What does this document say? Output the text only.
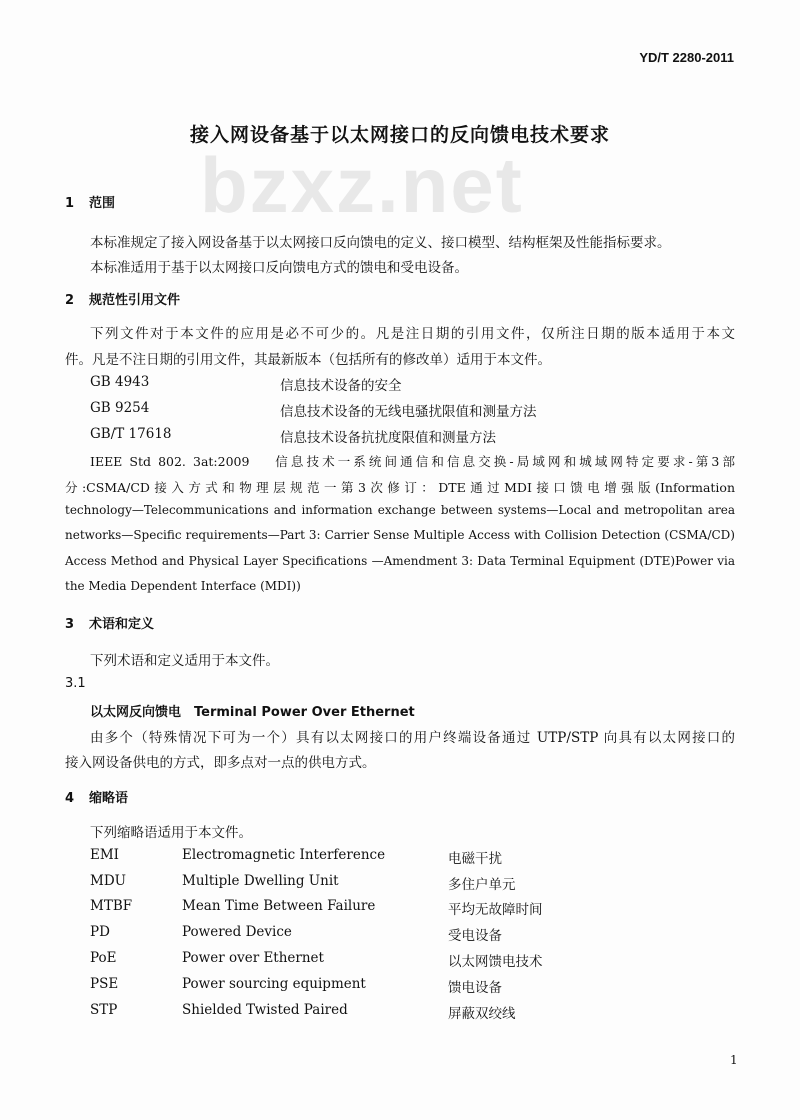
YD/T 2280-2011
bzxz.net
接入网设备基于以太网接口的反向馈电技术要求
1 范围
本标准规定了接入网设备基于以太网接口反向馈电的定义、接口模型、结构框架及性能指标要求。
本标准适用于基于以太网接口反向馈电方式的馈电和受电设备。
2 规范性引用文件
下列文件对于本文件的应用是必不可少的。凡是注日期的引用文件，仅所注日期的版本适用于本文
件。凡是不注日期的引用文件，其最新版本（包括所有的修改单）适用于本文件。
GB 4943	信息技术设备的安全
GB 9254	信息技术设备的无线电骚扰限值和测量方法
GB/T 17618	信息技术设备抗扰度限值和测量方法
IEEE Std 802. 3at:2009　 信息技术一系统间通信和信息交换-局域网和城域网特定要求-第3部
分:CSMA/CD接入方式和物理层规范一第3次修订：DTE通过MDI接口馈电增强版(Information
technology—Telecommunications and information exchange between systems—Local and metropolitan area
networks—Specific requirements—Part 3: Carrier Sense Multiple Access with Collision Detection (CSMA/CD)
Access Method and Physical Layer Specifications —Amendment 3: Data Terminal Equipment (DTE)Power via
the Media Dependent Interface (MDI))
3 术语和定义
下列术语和定义适用于本文件。
3.1
以太网反向馈电　Terminal Power Over Ethernet
由多个（特殊情况下可为一个）具有以太网接口的用户终端设备通过 UTP/STP 向具有以太网接口的
接入网设备供电的方式，即多点对一点的供电方式。
4 缩略语
下列缩略语适用于本文件。
EMI	Electromagnetic Interference	电磁干扰
MDU	Multiple Dwelling Unit	多住户单元
MTBF	Mean Time Between Failure	平均无故障时间
PD	Powered Device	受电设备
PoE	Power over Ethernet	以太网馈电技术
PSE	Power sourcing equipment	馈电设备
STP	Shielded Twisted Paired	屏蔽双绞线
1
